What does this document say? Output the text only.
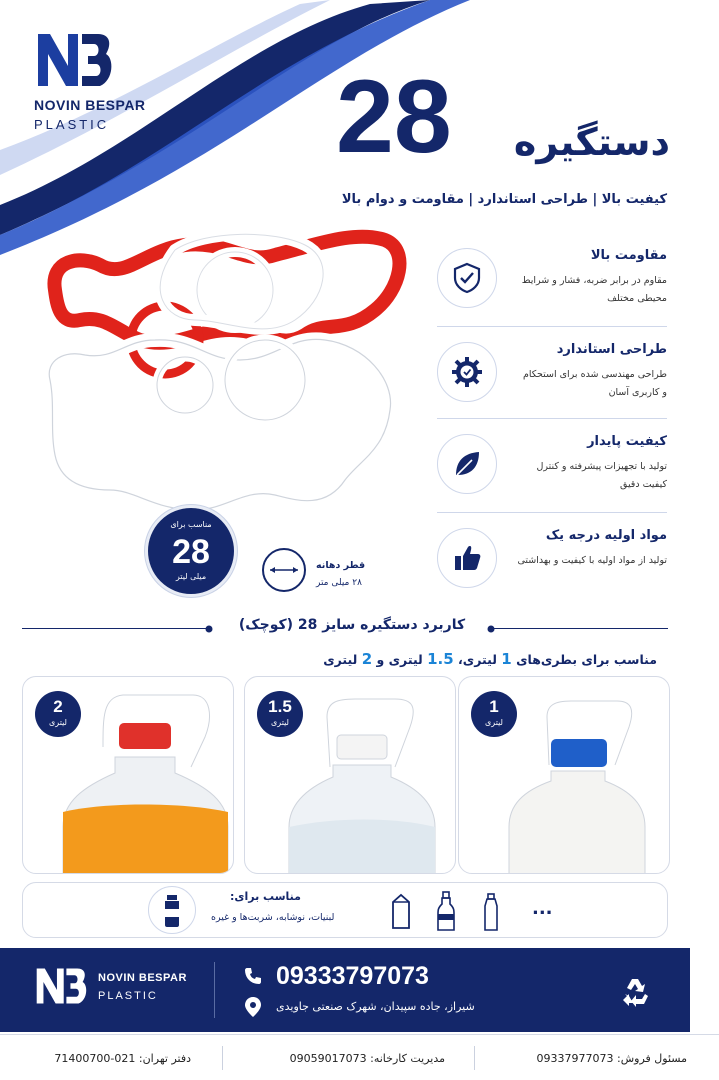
NOVIN BESPAR
PLASTIC 28	دستگیره
کیفیت بالا | طراحی استاندارد | مقاومت و دوام بالا
مناسب برای
28
میلی لیتر
قطر دهانه
۲۸ میلی متر
مقاومت بالا
مقاوم در برابر ضربه، فشار و شرایط محیطی مختلف
طراحی استاندارد
طراحی مهندسی شده برای استحکام و کاربری آسان
کیفیت پایدار
تولید با تجهیزات پیشرفته و کنترل کیفیت دقیق
مواد اولیه درجه یک
تولید از مواد اولیه با کیفیت و بهداشتی
کاربرد دستگیره سایز 28 (کوچک)
مناسب برای بطری‌های 1 لیتری، 1.5 لیتری و 2 لیتری
2
لیتری
1.5
لیتری
1
لیتری
مناسب برای:
لبنیات، نوشابه، شربت‌ها و غیره	...
NOVIN BESPAR
PLASTIC
09333797073
شیراز، جاده سپیدان، شهرک صنعتی جاویدی
مسئول فروش: 09337977073
مدیریت کارخانه: 09059017073
دفتر تهران: 021-71400700
